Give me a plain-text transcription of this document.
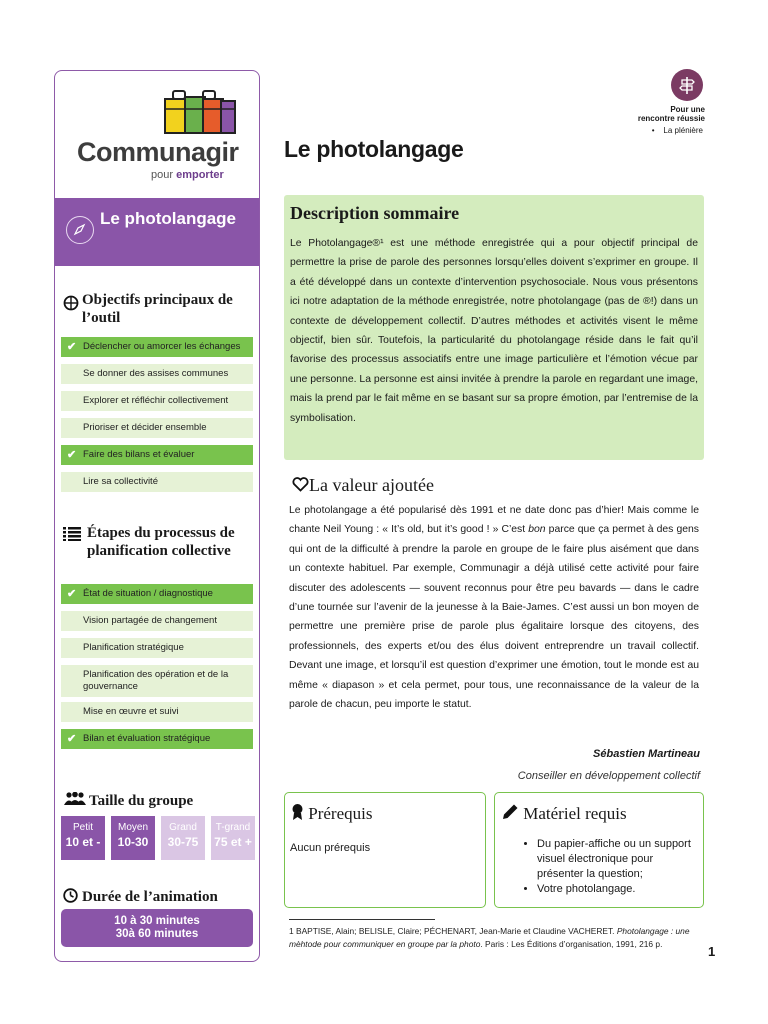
Communagir
pour emporter
Le photolangage
Objectifs principaux de l’outil
✔ Déclencher ou amorcer les échanges
Se donner des assises communes
Explorer et réfléchir collectivement
Prioriser et décider ensemble
✔ Faire des bilans et évaluer
Lire sa collectivité
Étapes du processus de planification collective
✔ État de situation / diagnostique
Vision partagée de changement
Planification stratégique
Planification des opération et de la gouvernance
Mise en œuvre et suivi
✔ Bilan et évaluation stratégique
Taille du groupe
Petit
10 et -
Moyen
10-30
Grand
30-75
T-grand
75 et +
Durée de l’animation
10 à 30 minutes
30à 60 minutes
Pour une
rencontre réussie
•    La plénière
Le photolangage
Description sommaire

Le Photolangage®¹ est une méthode enregistrée qui a pour objectif principal de permettre la prise de parole des personnes lorsqu’elles doivent s’exprimer en groupe. Il a été développé dans un contexte d’intervention psychosociale. Nous vous présentons ici notre adaptation de la méthode enregistrée, notre photolangage (pas de ®!) dans un contexte de développement collectif. D’autres méthodes et activités visent le même objectif, bien sûr. Toutefois, la particularité du photolangage réside dans le fait qu’il favorise des processus associatifs entre une image particulière et l’émotion vécue par une personne. La personne est ainsi invitée à prendre la parole en regardant une image, mais la prend par le fait même en se basant sur sa propre émotion, par l’entremise de la symbolisation.

La valeur ajoutée
Le photolangage a été popularisé dès 1991 et ne date donc pas d’hier! Mais comme le chante Neil Young : « It’s old, but it’s good ! » C’est bon parce que ça permet à des gens qui ont de la difficulté à prendre la parole en groupe de le faire plus aisément que dans un contexte habituel. Par exemple, Communagir a déjà utilisé cette activité pour faire discuter des adolescents — souvent reconnus pour être peu bavards — dans le cadre d’une tournée sur l’avenir de la jeunesse à la Baie-James. C’est aussi un bon moyen de permettre une première prise de parole plus égalitaire lorsque des citoyens, des professionnels, des experts et/ou des élus doivent entreprendre un travail collectif. Devant une image, et lorsqu’il est question d’exprimer une émotion, tout le monde est au même « diapason » et cela permet, pour tous, une reconnaissance de la valeur de la parole de chacun, peu importe le statut.
Sébastien Martineau
Conseiller en développement collectif
Prérequis
Aucun prérequis
Matériel requis
• Du papier-affiche ou un support visuel électronique pour présenter la question;
• Votre photolangage.
1 BAPTISE, Alain; BELISLE, Claire; PÉCHENART, Jean-Marie et Claudine VACHERET. Photolangage : une mèhtode pour communiquer en groupe par la photo. Paris : Les Éditions d’organisation, 1991, 216 p.
1
